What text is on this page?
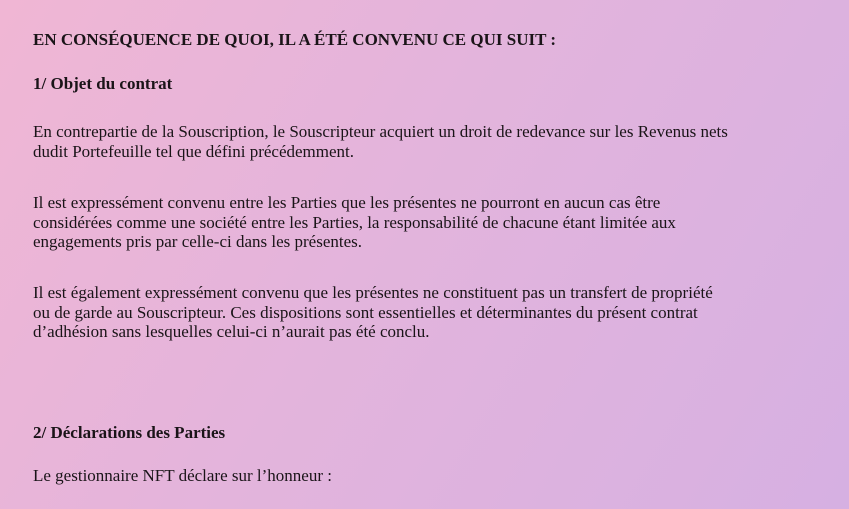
EN CONSÉQUENCE DE QUOI, IL A ÉTÉ CONVENU CE QUI SUIT :
1/ Objet du contrat

En contrepartie de la Souscription, le Souscripteur acquiert un droit de redevance sur les Revenus nets
dudit Portefeuille tel que défini précédemment.

Il est expressément convenu entre les Parties que les présentes ne pourront en aucun cas être
considérées comme une société entre les Parties, la responsabilité de chacune étant limitée aux
engagements pris par celle-ci dans les présentes.

Il est également expressément convenu que les présentes ne constituent pas un transfert de propriété
ou de garde au Souscripteur. Ces dispositions sont essentielles et déterminantes du présent contrat
d’adhésion sans lesquelles celui-ci n’aurait pas été conclu.

2/ Déclarations des Parties

Le gestionnaire NFT déclare sur l’honneur :
